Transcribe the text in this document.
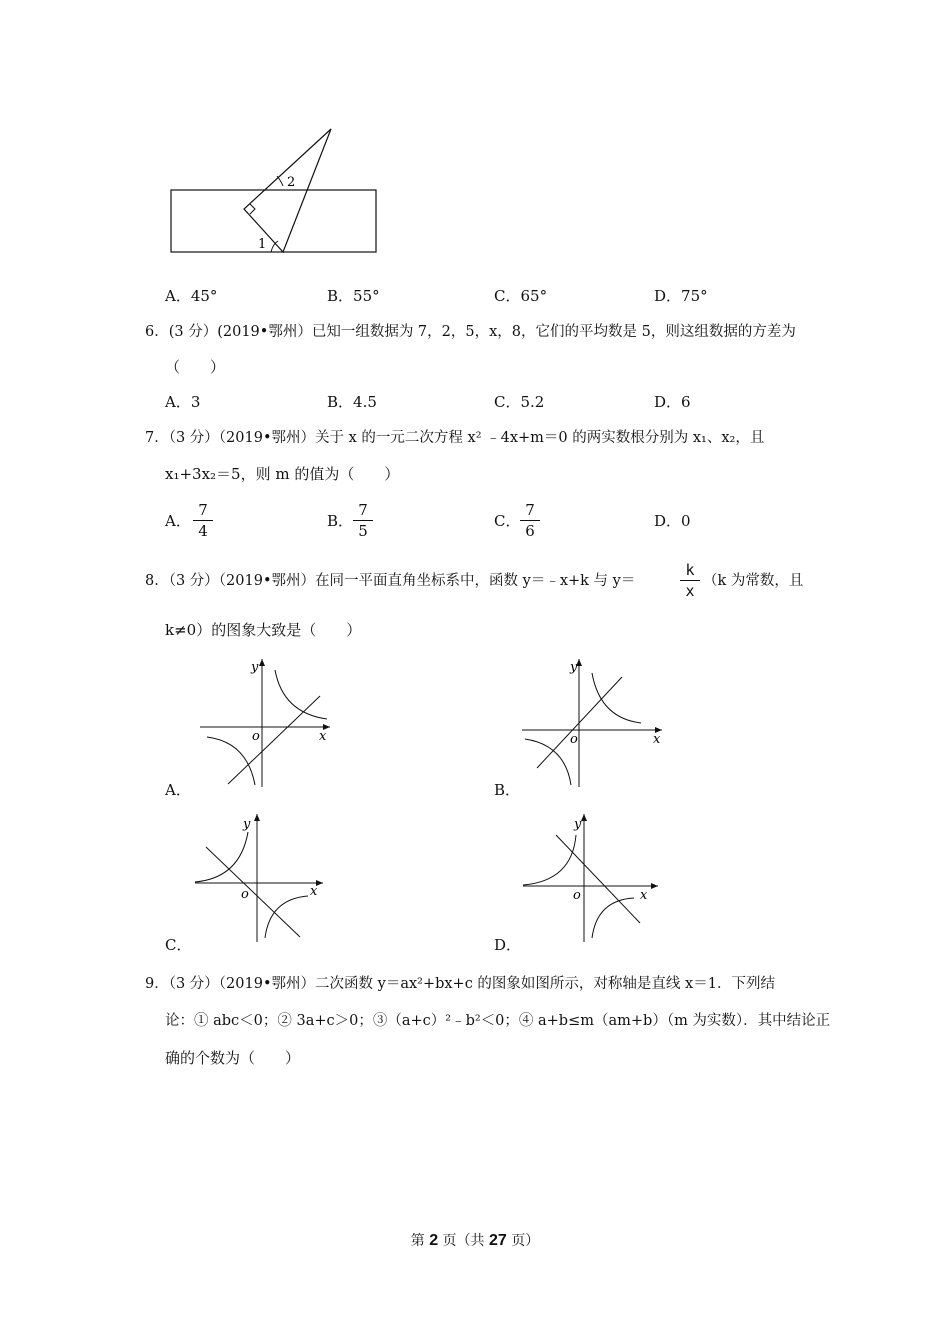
2
1
A．45°	B．55°	C．65°	D．75°
6．(3 分）(2019•鄂州）已知一组数据为 7，2，5，x，8，它们的平均数是 5，则这组数据的方差为
（　　）
A．3	B．4.5	C．5.2	D．6
7．（3 分）（2019•鄂州）关于 x 的一元二次方程 x² ﹣4x+m＝0 的两实数根分别为 x₁、x₂，且
x₁+3x₂＝5，则 m 的值为（　　）
A． $\frac{7}{4}$	B． $\frac{7}{5}$	C． $\frac{7}{6}$	D．0
8．（3 分）（2019•鄂州）在同一平面直角坐标系中，函数 y＝﹣x+k 与 y＝	$\frac{k}{x} (k$ 为常数，且
k≠0）的图象大致是（　　）
x
y
o
A．
x
y
o
B．
x
y
o
C．
x
y
o
D．
9．（3 分）（2019•鄂州）二次函数 y＝ax²+bx+c 的图象如图所示，对称轴是直线 x＝1．下列结
论：① abc＜0；② 3a+c＞0；③（a+c）²﹣b²＜0；④ a+b≤m（am+b）（m 为实数）．其中结论正
确的个数为（　　）
第 2 页（共 27 页）
